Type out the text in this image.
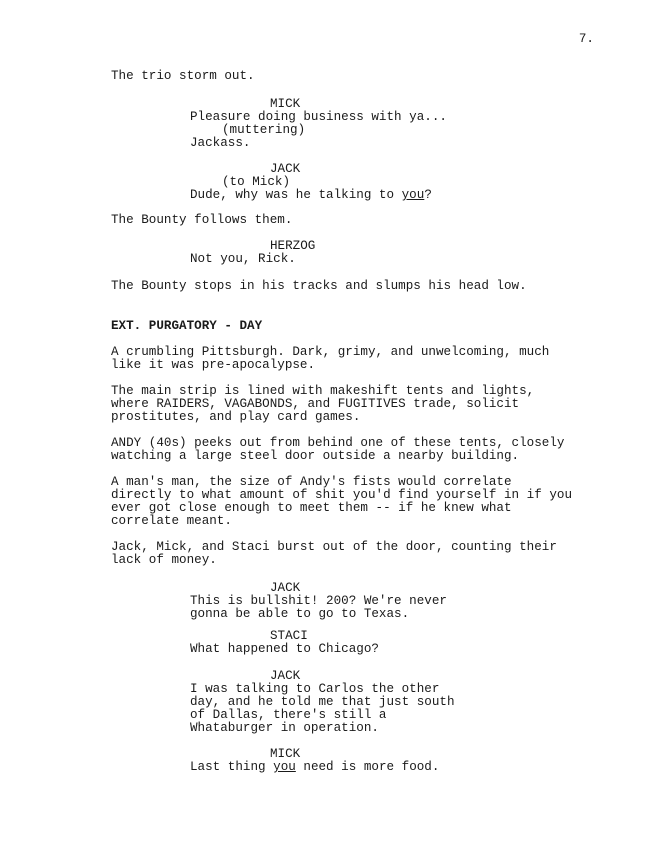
7.
The trio storm out.
MICK
Pleasure doing business with ya...
(muttering)
Jackass.
JACK
(to Mick)
Dude, why was he talking to you?
The Bounty follows them.
HERZOG
Not you, Rick.
The Bounty stops in his tracks and slumps his head low.
EXT. PURGATORY - DAY
A crumbling Pittsburgh. Dark, grimy, and unwelcoming, much
like it was pre-apocalypse.
The main strip is lined with makeshift tents and lights,
where RAIDERS, VAGABONDS, and FUGITIVES trade, solicit
prostitutes, and play card games.
ANDY (40s) peeks out from behind one of these tents, closely
watching a large steel door outside a nearby building.
A man's man, the size of Andy's fists would correlate
directly to what amount of shit you'd find yourself in if you
ever got close enough to meet them -- if he knew what
correlate meant.
Jack, Mick, and Staci burst out of the door, counting their
lack of money.
JACK
This is bullshit! 200? We're never
gonna be able to go to Texas.
STACI
What happened to Chicago?
JACK
I was talking to Carlos the other
day, and he told me that just south
of Dallas, there's still a
Whataburger in operation.
MICK
Last thing you need is more food.
